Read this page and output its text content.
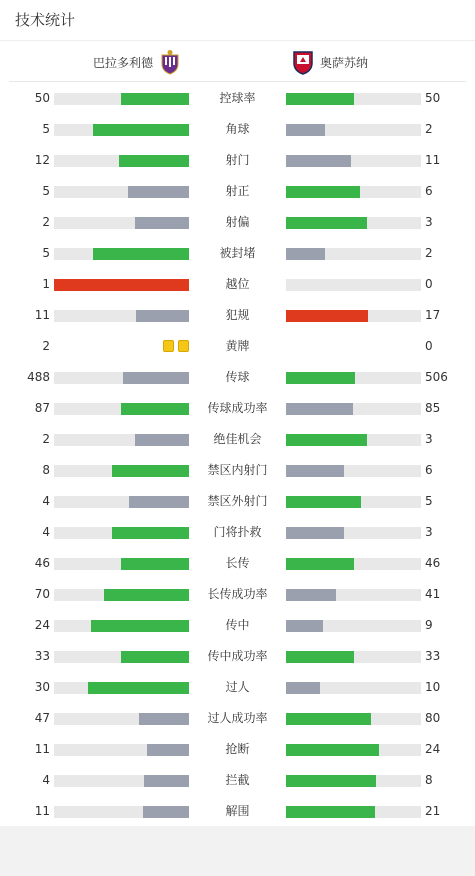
技术统计
巴拉多利德	奥萨苏纳
50	控球率	50
5	角球	2
12	射门	11
5	射正	6
2	射偏	3
5	被封堵	2
1	越位	0
11	犯规	17
2	黄牌	0
488	传球	506
87	传球成功率	85
2	绝佳机会	3
8	禁区内射门	6
4	禁区外射门	5
4	门将扑救	3
46	长传	46
70	长传成功率	41
24	传中	9
33	传中成功率	33
30	过人	10
47	过人成功率	80
11	抢断	24
4	拦截	8
11	解围	21
